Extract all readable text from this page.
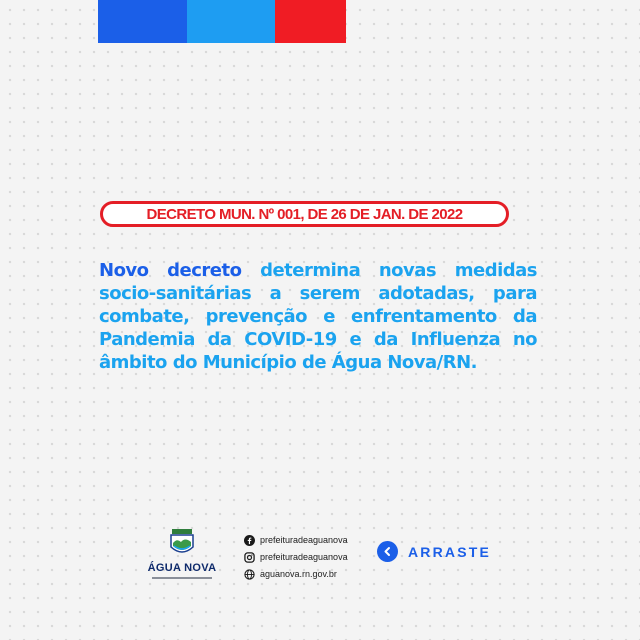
DECRETO MUN. Nº 001, DE 26 DE JAN. DE 2022

Novo decreto determina novas medidas socio-sanitárias a serem adotadas, para combate, prevenção e enfrentamento da Pandemia da COVID-19 e da Influenza no âmbito do Município de Água Nova/RN.

ÁGUA NOVA
prefeituradeaguanova
prefeituradeaguanova
aguanova.rn.gov.br
ARRASTE
